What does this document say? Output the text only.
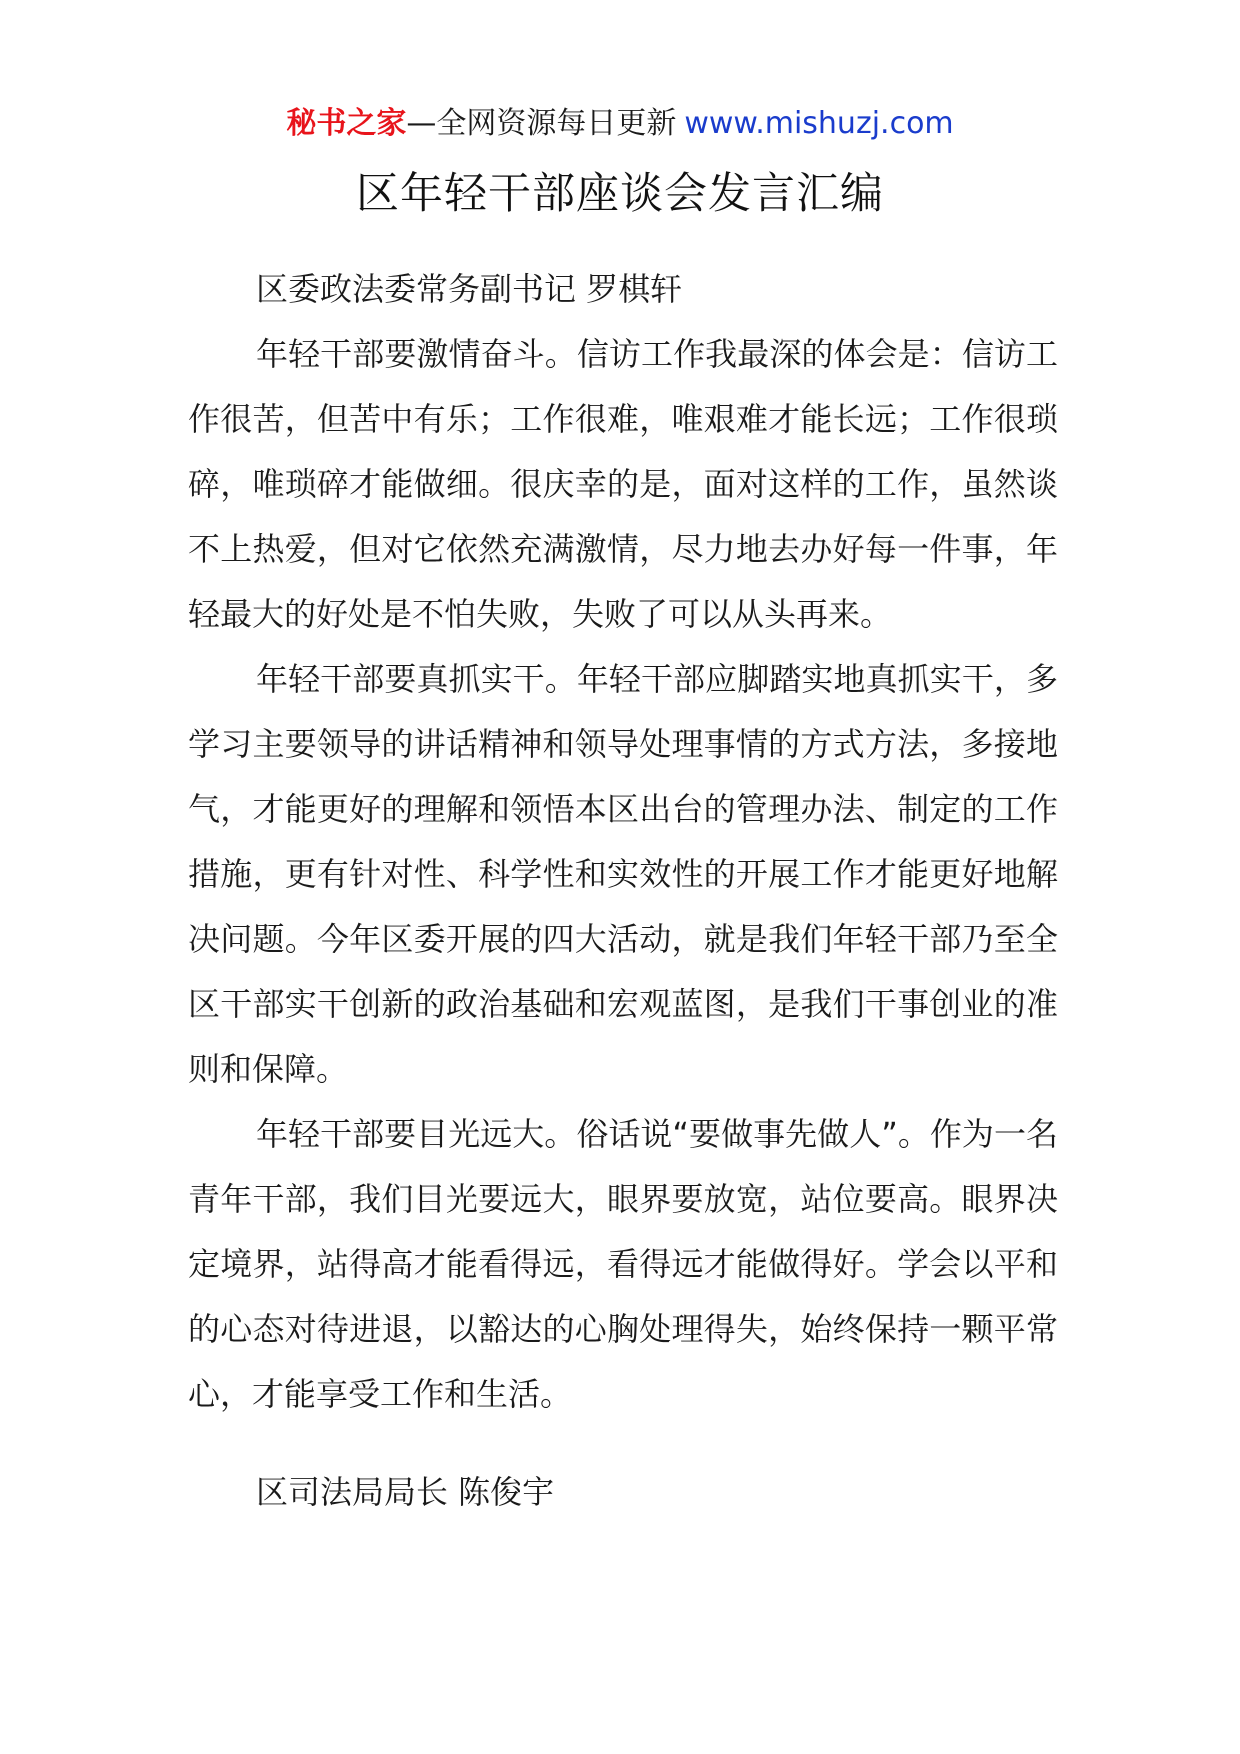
秘书之家—全网资源每日更新 www.mishuzj.com
区年轻干部座谈会发言汇编

区委政法委常务副书记 罗棋轩

年轻干部要激情奋斗。信访工作我最深的体会是：信访工作很苦，但苦中有乐；工作很难，唯艰难才能长远；工作很琐碎，唯琐碎才能做细。很庆幸的是，面对这样的工作，虽然谈不上热爱，但对它依然充满激情，尽力地去办好每一件事，年轻最大的好处是不怕失败，失败了可以从头再来。

年轻干部要真抓实干。年轻干部应脚踏实地真抓实干，多学习主要领导的讲话精神和领导处理事情的方式方法，多接地气，才能更好的理解和领悟本区出台的管理办法、制定的工作措施，更有针对性、科学性和实效性的开展工作才能更好地解决问题。今年区委开展的四大活动，就是我们年轻干部乃至全区干部实干创新的政治基础和宏观蓝图，是我们干事创业的准则和保障。

年轻干部要目光远大。俗话说“要做事先做人”。作为一名青年干部，我们目光要远大，眼界要放宽，站位要高。眼界决定境界，站得高才能看得远，看得远才能做得好。学会以平和的心态对待进退，以豁达的心胸处理得失，始终保持一颗平常心，才能享受工作和生活。

区司法局局长 陈俊宇
